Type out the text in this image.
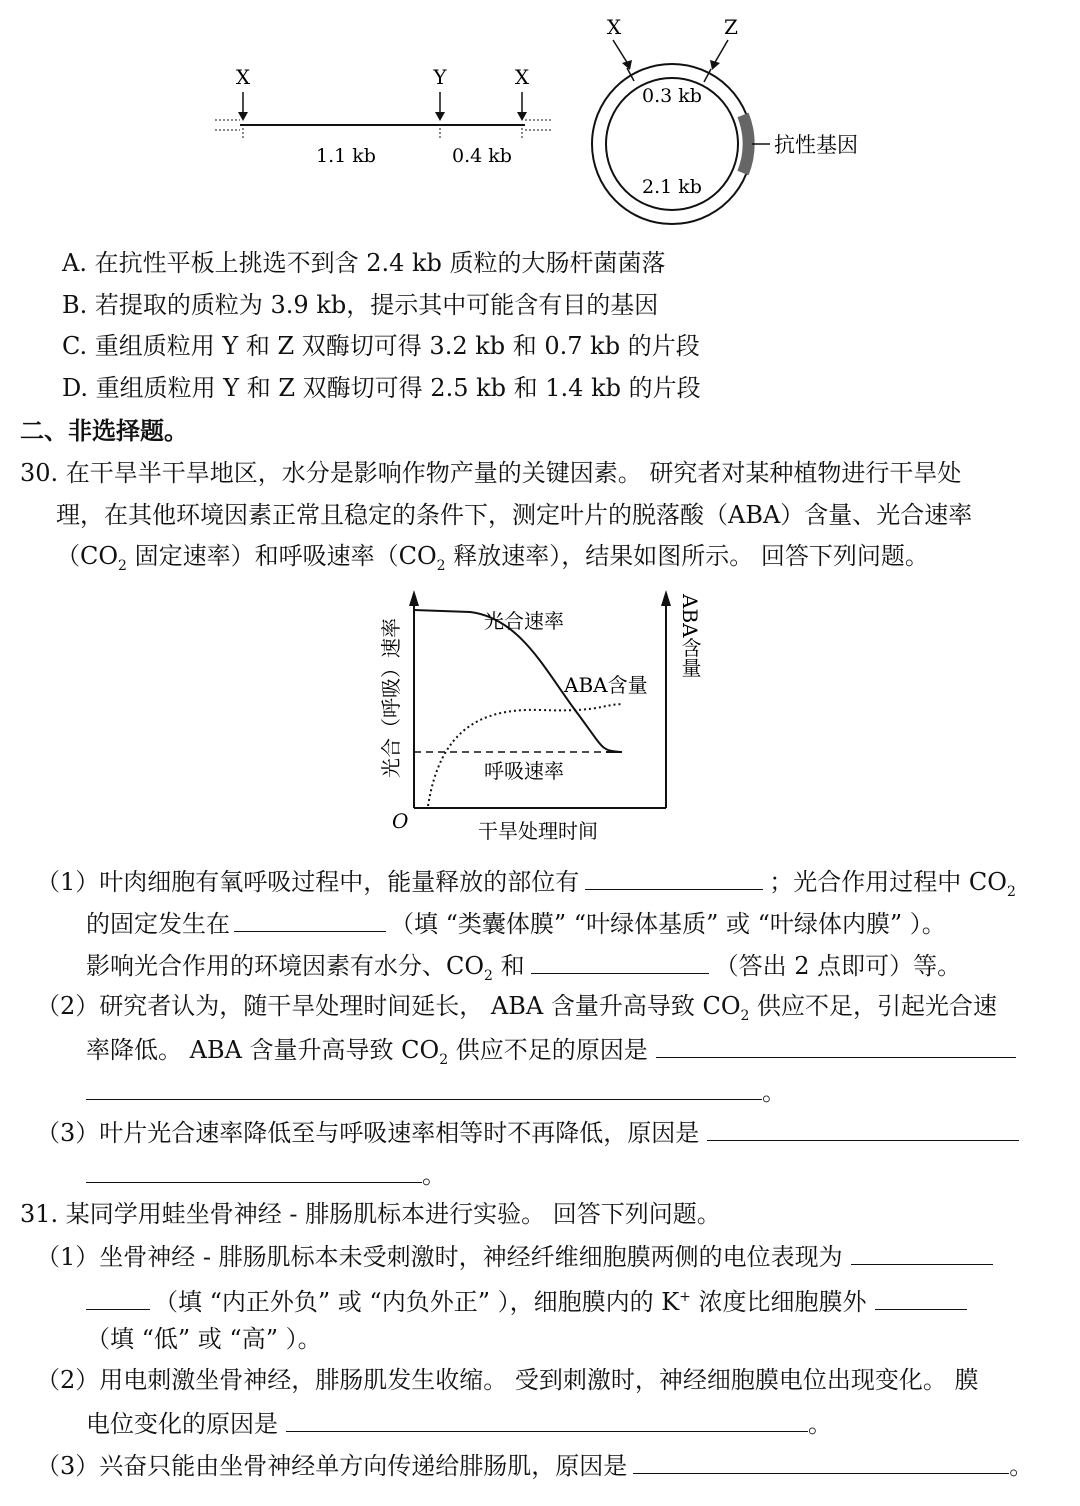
X	Y	X
1.1 kb	0.4 kb
X	Z
0.3 kb
2.1 kb
抗性基因
A. 在抗性平板上挑选不到含 2.4 kb 质粒的大肠杆菌菌落
B. 若提取的质粒为 3.9 kb，提示其中可能含有目的基因
C. 重组质粒用 Y 和 Z 双酶切可得 3.2 kb 和 0.7 kb 的片段
D. 重组质粒用 Y 和 Z 双酶切可得 2.5 kb 和 1.4 kb 的片段
二、非选择题。
30. 在干旱半干旱地区，水分是影响作物产量的关键因素。 研究者对某种植物进行干旱处
理，在其他环境因素正常且稳定的条件下，测定叶片的脱落酸（ABA）含量、光合速率
（$CO_2$ 固定速率）和呼吸速率（$CO_2$ 释放速率），结果如图所示。 回答下列问题。
光合速率
ABA含量
呼吸速率
光合（呼吸）速率	ABA含量
O	干旱处理时间
（1）叶肉细胞有氧呼吸过程中，能量释放的部位有	；光合作用过程中 $CO_2$
的固定发生在	（填 “类囊体膜” “叶绿体基质” 或 “叶绿体内膜” ）。
影响光合作用的环境因素有水分、$CO_2$ 和	（答出 2 点即可）等。
（2）研究者认为，随干旱处理时间延长， ABA 含量升高导致 $CO_2$ 供应不足，引起光合速
率降低。 ABA 含量升高导致 $CO_2$ 供应不足的原因是
。
（3）叶片光合速率降低至与呼吸速率相等时不再降低，原因是
。
31. 某同学用蛙坐骨神经 - 腓肠肌标本进行实验。 回答下列问题。
（1）坐骨神经 - 腓肠肌标本未受刺激时，神经纤维细胞膜两侧的电位表现为
（填 “内正外负” 或 “内负外正” ），细胞膜内的 K+ 浓度比细胞膜外
（填 “低” 或 “高” ）。
（2）用电刺激坐骨神经，腓肠肌发生收缩。 受到刺激时，神经细胞膜电位出现变化。 膜
电位变化的原因是	。
（3）兴奋只能由坐骨神经单方向传递给腓肠肌，原因是	。
